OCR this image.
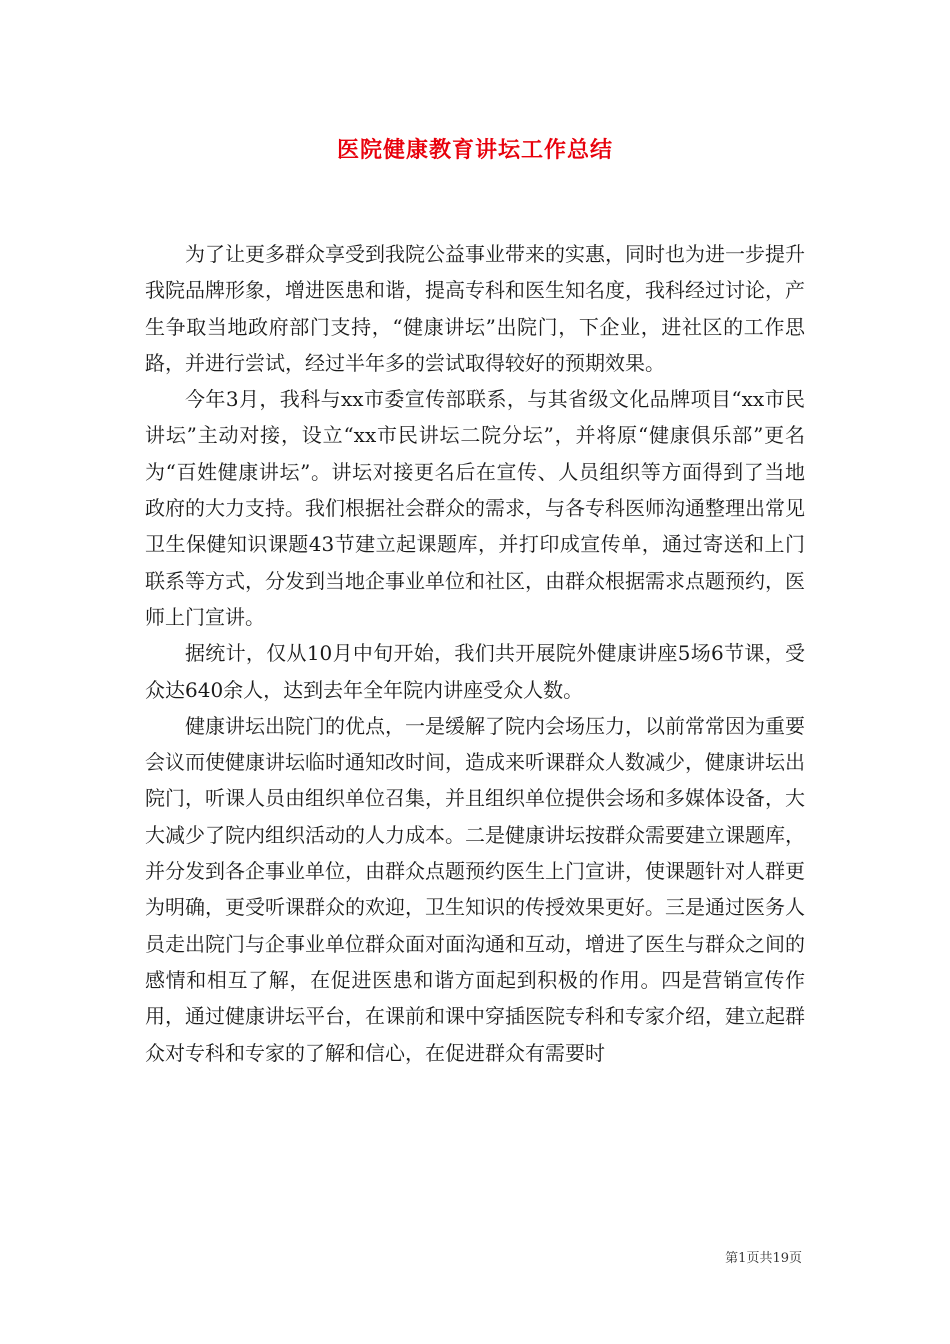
医院健康教育讲坛工作总结

为了让更多群众享受到我院公益事业带来的实惠，同时也为进一步提升我院品牌形象，增进医患和谐，提高专科和医生知名度，我科经过讨论，产生争取当地政府部门支持，“健康讲坛”出院门，下企业，进社区的工作思路，并进行尝试，经过半年多的尝试取得较好的预期效果。

今年3月，我科与xx市委宣传部联系，与其省级文化品牌项目“xx市民讲坛”主动对接，设立“xx市民讲坛二院分坛”，并将原“健康俱乐部”更名为“百姓健康讲坛”。讲坛对接更名后在宣传、人员组织等方面得到了当地政府的大力支持。我们根据社会群众的需求，与各专科医师沟通整理出常见卫生保健知识课题43节建立起课题库，并打印成宣传单，通过寄送和上门联系等方式，分发到当地企事业单位和社区，由群众根据需求点题预约，医师上门宣讲。

据统计，仅从10月中旬开始，我们共开展院外健康讲座5场6节课，受众达640余人，达到去年全年院内讲座受众人数。

健康讲坛出院门的优点，一是缓解了院内会场压力，以前常常因为重要会议而使健康讲坛临时通知改时间，造成来听课群众人数减少，健康讲坛出院门，听课人员由组织单位召集，并且组织单位提供会场和多媒体设备，大大减少了院内组织活动的人力成本。二是健康讲坛按群众需要建立课题库，并分发到各企事业单位，由群众点题预约医生上门宣讲，使课题针对人群更为明确，更受听课群众的欢迎，卫生知识的传授效果更好。三是通过医务人员走出院门与企事业单位群众面对面沟通和互动，增进了医生与群众之间的感情和相互了解，在促进医患和谐方面起到积极的作用。四是营销宣传作用，通过健康讲坛平台，在课前和课中穿插医院专科和专家介绍，建立起群众对专科和专家的了解和信心，在促进群众有需要时

第1页共19页
